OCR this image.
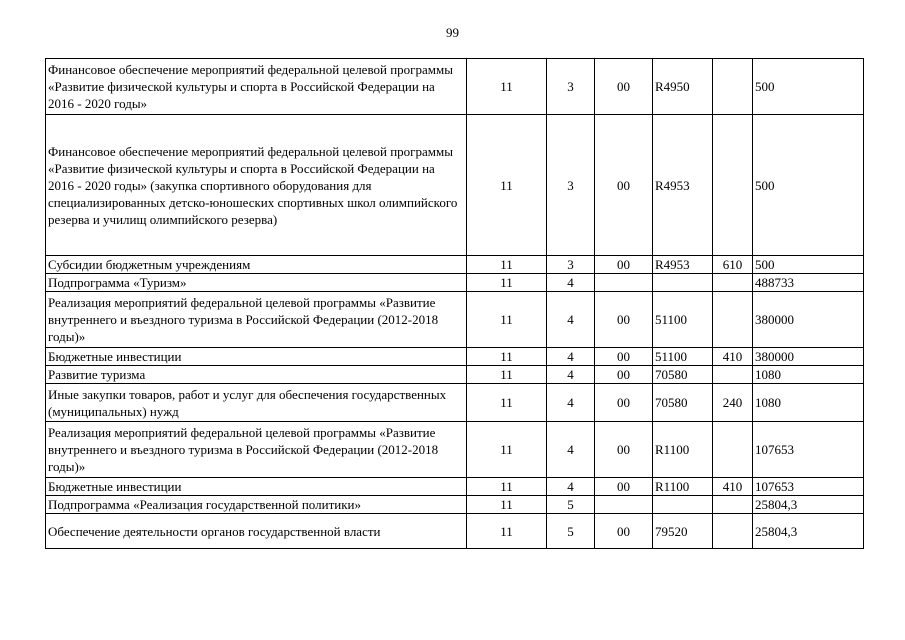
99
Финансовое обеспечение мероприятий федеральной целевой программы «Развитие физической культуры и спорта в Российской Федерации на 2016 - 2020 годы»	11	3	00	R4950		500
Финансовое обеспечение мероприятий федеральной целевой программы «Развитие физической культуры и спорта в Российской Федерации на 2016 - 2020 годы» (закупка спортивного оборудования для специализированных детско-юношеских спортивных школ олимпийского резерва и училищ олимпийского резерва)	11	3	00	R4953		500
Субсидии бюджетным учреждениям	11	3	00	R4953	610	500
Подпрограмма «Туризм»	11	4				488733
Реализация мероприятий федеральной целевой программы «Развитие внутреннего и въездного туризма в Российской Федерации (2012-2018 годы)»	11	4	00	51100		380000
Бюджетные инвестиции	11	4	00	51100	410	380000
Развитие туризма	11	4	00	70580		1080
Иные закупки товаров, работ и услуг для обеспечения государственных (муниципальных) нужд	11	4	00	70580	240	1080
Реализация мероприятий федеральной целевой программы «Развитие внутреннего и въездного туризма в Российской Федерации (2012-2018 годы)»	11	4	00	R1100		107653
Бюджетные инвестиции	11	4	00	R1100	410	107653
Подпрограмма «Реализация государственной политики»	11	5				25804,3
Обеспечение деятельности органов государственной власти	11	5	00	79520		25804,3
